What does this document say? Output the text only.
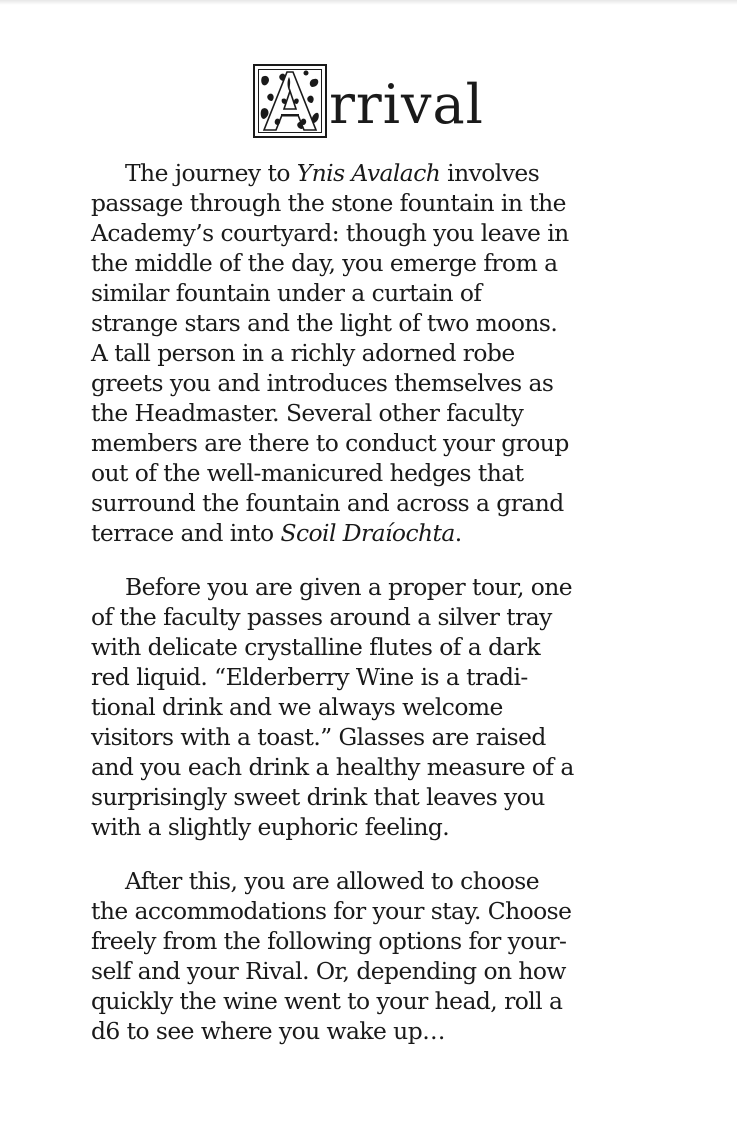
rrival

The journey to Ynis Avalach involves
passage through the stone fountain in the
Academy’s courtyard: though you leave in
the middle of the day, you emerge from a
similar fountain under a curtain of
strange stars and the light of two moons.
A tall person in a richly adorned robe
greets you and introduces themselves as
the Headmaster. Several other faculty
members are there to conduct your group
out of the well-manicured hedges that
surround the fountain and across a grand
terrace and into Scoil Draíochta.

Before you are given a proper tour, one
of the faculty passes around a silver tray
with delicate crystalline flutes of a dark
red liquid. “Elderberry Wine is a tradi-
tional drink and we always welcome
visitors with a toast.” Glasses are raised
and you each drink a healthy measure of a
surprisingly sweet drink that leaves you
with a slightly euphoric feeling.

After this, you are allowed to choose
the accommodations for your stay. Choose
freely from the following options for your-
self and your Rival. Or, depending on how
quickly the wine went to your head, roll a
d6 to see where you wake up…
